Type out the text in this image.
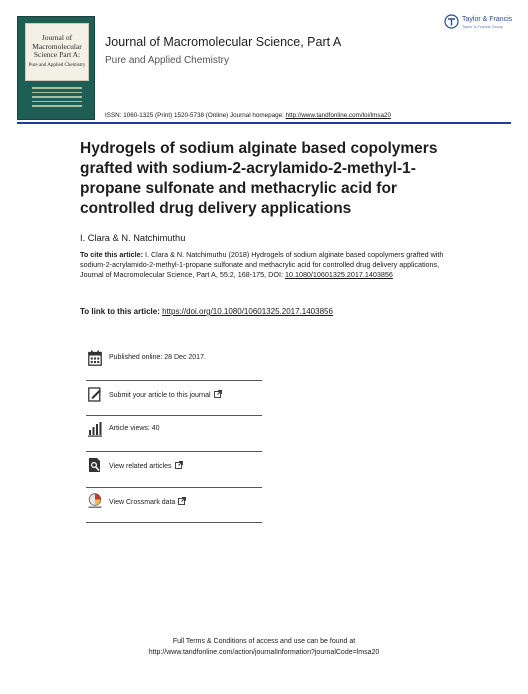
Journal of Macromolecular Science Part A:
Pure and Applied Chemistry
Journal of Macromolecular Science, Part A
Pure and Applied Chemistry
Taylor & Francis
Taylor & Francis Group
ISSN: 1060-1325 (Print) 1520-5738 (Online) Journal homepage: http://www.tandfonline.com/loi/lmsa20
Hydrogels of sodium alginate based copolymers grafted with sodium-2-acrylamido-2-methyl-1-propane sulfonate and methacrylic acid for controlled drug delivery applications
I. Clara & N. Natchimuthu
To cite this article: I. Clara & N. Natchimuthu (2018) Hydrogels of sodium alginate based copolymers grafted with sodium-2-acrylamido-2-methyl-1-propane sulfonate and methacrylic acid for controlled drug delivery applications, Journal of Macromolecular Science, Part A, 55:2, 168-175, DOI: 10.1080/10601325.2017.1403856
To link to this article: https://doi.org/10.1080/10601325.2017.1403856
Published online: 28 Dec 2017.
Submit your article to this journal
Article views: 40
View related articles
View Crossmark data
Full Terms & Conditions of access and use can be found at
http://www.tandfonline.com/action/journalInformation?journalCode=lmsa20
